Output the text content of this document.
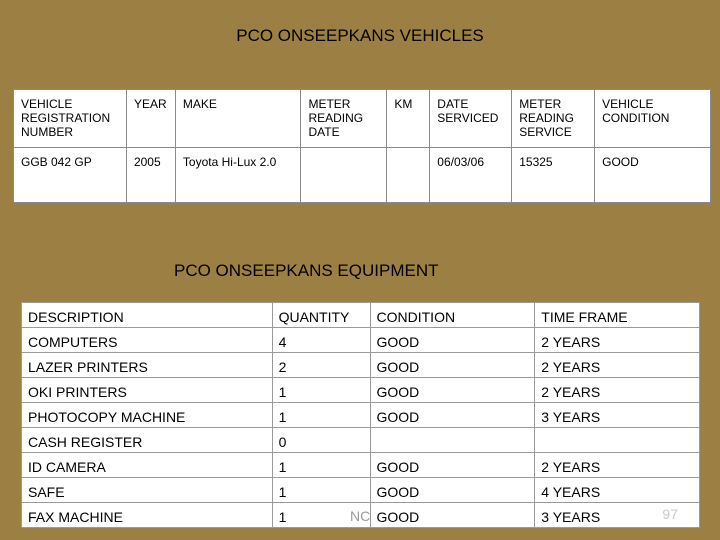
PCO ONSEEPKANS VEHICLES
VEHICLE REGISTRATION NUMBER	YEAR	MAKE	METER READING DATE	KM	DATE SERVICED	METER READING SERVICE	VEHICLE CONDITION
GGB 042 GP	2005	Toyota Hi-Lux 2.0			06/03/06	15325	GOOD
PCO ONSEEPKANS EQUIPMENT
DESCRIPTION	QUANTITY	CONDITION	TIME FRAME
COMPUTERS	4	GOOD	2 YEARS
LAZER PRINTERS	2	GOOD	2 YEARS
OKI PRINTERS	1	GOOD	2 YEARS
PHOTOCOPY MACHINE	1	GOOD	3 YEARS
CASH REGISTER	0		
ID CAMERA	1	GOOD	2 YEARS
SAFE	1	GOOD	4 YEARS
FAX MACHINE	1	GOOD	3 YEARS
NC	97
